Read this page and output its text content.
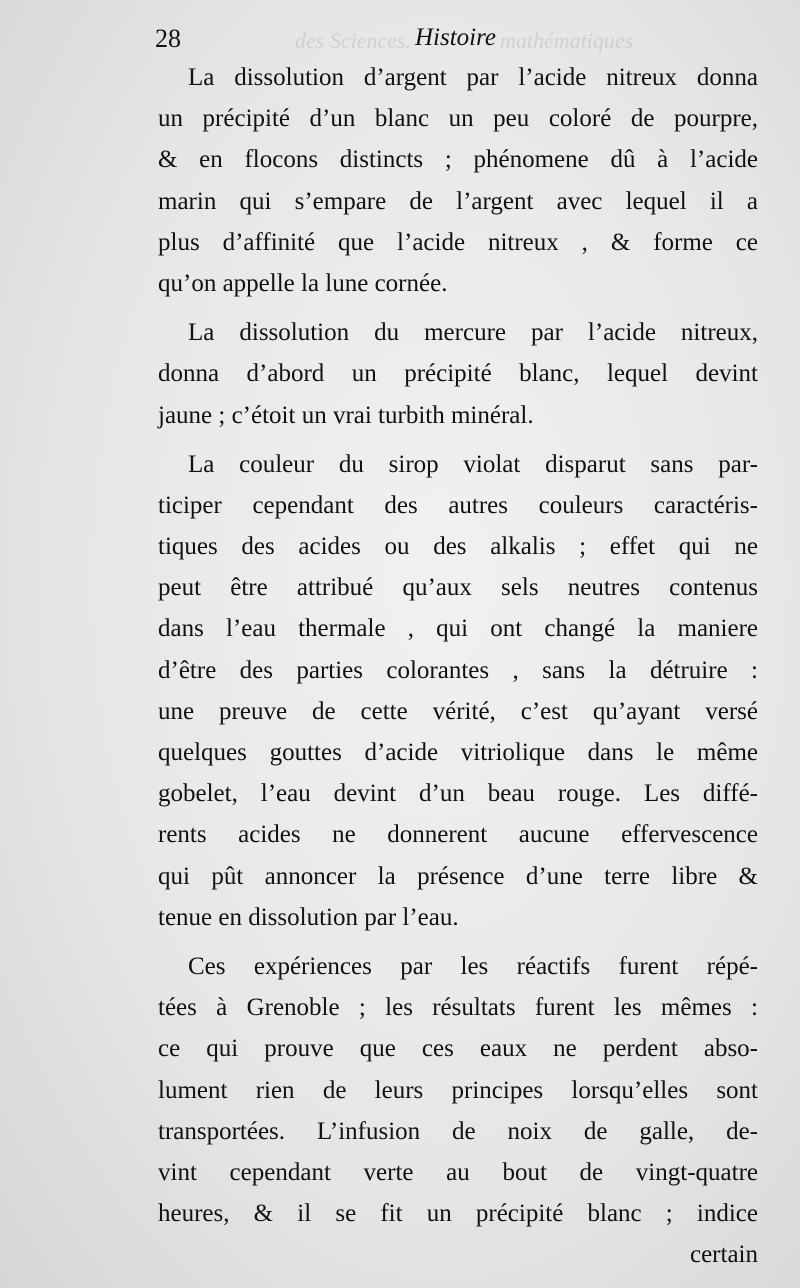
des Sciences.	mathématiques
28	Histoire
La dissolution d’argent par l’acide nitreux donna
un précipité d’un blanc un peu coloré de pourpre,
& en flocons distincts ; phénomene dû à l’acide
marin qui s’empare de l’argent avec lequel il a
plus d’affinité que l’acide nitreux , & forme ce
qu’on appelle la lune cornée.
La dissolution du mercure par l’acide nitreux,
donna d’abord un précipité blanc, lequel devint
jaune ; c’étoit un vrai turbith minéral.
La couleur du sirop violat disparut sans par-
ticiper cependant des autres couleurs caractéris-
tiques des acides ou des alkalis ; effet qui ne
peut être attribué qu’aux sels neutres contenus
dans l’eau thermale , qui ont changé la maniere
d’être des parties colorantes , sans la détruire :
une preuve de cette vérité, c’est qu’ayant versé
quelques gouttes d’acide vitriolique dans le même
gobelet, l’eau devint d’un beau rouge. Les diffé-
rents acides ne donnerent aucune effervescence
qui pût annoncer la présence d’une terre libre &
tenue en dissolution par l’eau.
Ces expériences par les réactifs furent répé-
tées à Grenoble ; les résultats furent les mêmes :
ce qui prouve que ces eaux ne perdent abso-
lument rien de leurs principes lorsqu’elles sont
transportées. L’infusion de noix de galle, de-
vint cependant verte au bout de vingt-quatre
heures, & il se fit un précipité blanc ; indice
certain
